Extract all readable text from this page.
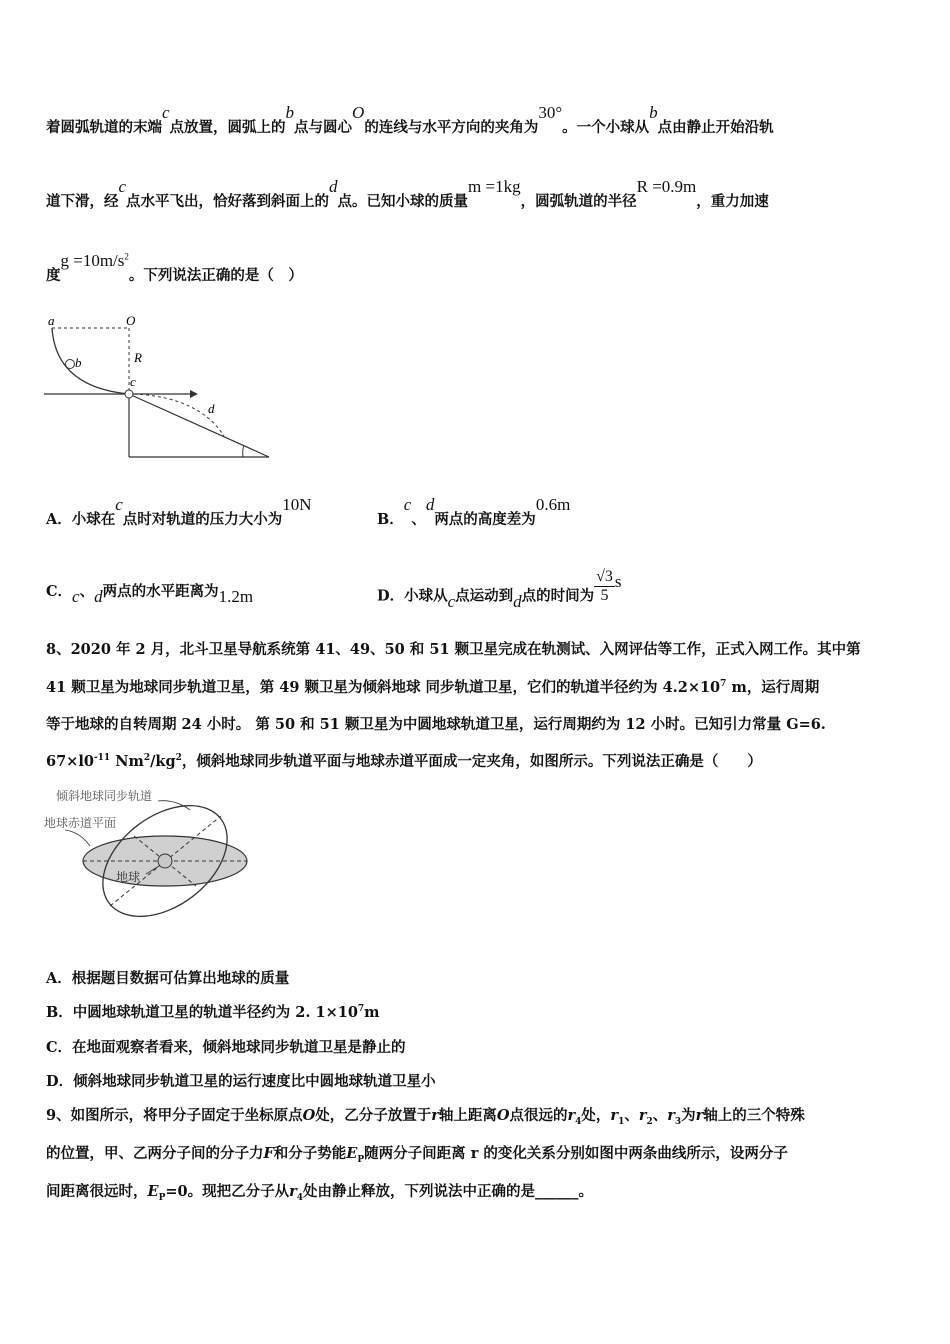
着圆弧轨道的末端c点放置，圆弧上的b点与圆心O的连线与水平方向的夹角为30°。一个小球从b点由静止开始沿轨
道下滑，经c点水平飞出，恰好落到斜面上的d点。已知小球的质量m =1kg，圆弧轨道的半径R =0.9m，重力加速
度$g =10m/s^2$。下列说法正确的是（　）
a	O
b	R
c
d
A．小球在c点时对轨道的压力大小为10N
B．c、d两点的高度差为0.6m
C．c、d两点的水平距离为1.2m	D．小球从c点运动到d点的时间为 $\frac{√3}{5}$ s
8、2020 年 2 月，北斗卫星导航系统第 41、49、50 和 51 颗卫星完成在轨测试、入网评估等工作，正式入网工作。其中第
41 颗卫星为地球同步轨道卫星，第 49 颗卫星为倾斜地球 同步轨道卫星，它们的轨道半径约为 $4.2\times 10^7$ m，运行周期
等于地球的自转周期 24 小时。 第 50 和 51 颗卫星为中圆地球轨道卫星，运行周期约为 12 小时。已知引力常量 G=6.
$67\times l0^{-11}$ $Nm^2/kg^2$，倾斜地球同步轨道平面与地球赤道平面成一定夹角，如图所示。下列说法正确是（　　）
倾斜地球同步轨道
地球赤道平面
地球
A．根据题目数据可估算出地球的质量
B．中圆地球轨道卫星的轨道半径约为 2. $1\times 10^7m$
C．在地面观察者看来，倾斜地球同步轨道卫星是静止的
D．倾斜地球同步轨道卫星的运行速度比中圆地球轨道卫星小
9、如图所示，将甲分子固定于坐标原点O处，乙分子放置于r轴上距离O点很远的$r_4$处，$r_1$、$r_2$、$r_3$为r轴上的三个特殊
的位置，甲、乙两分子间的分子力F和分子势能$E_P$随两分子间距离 r 的变化关系分别如图中两条曲线所示，设两分子
间距离很远时，$E_P=0$。现把乙分子从$r_4$处由静止释放，下列说法中正确的是______。
